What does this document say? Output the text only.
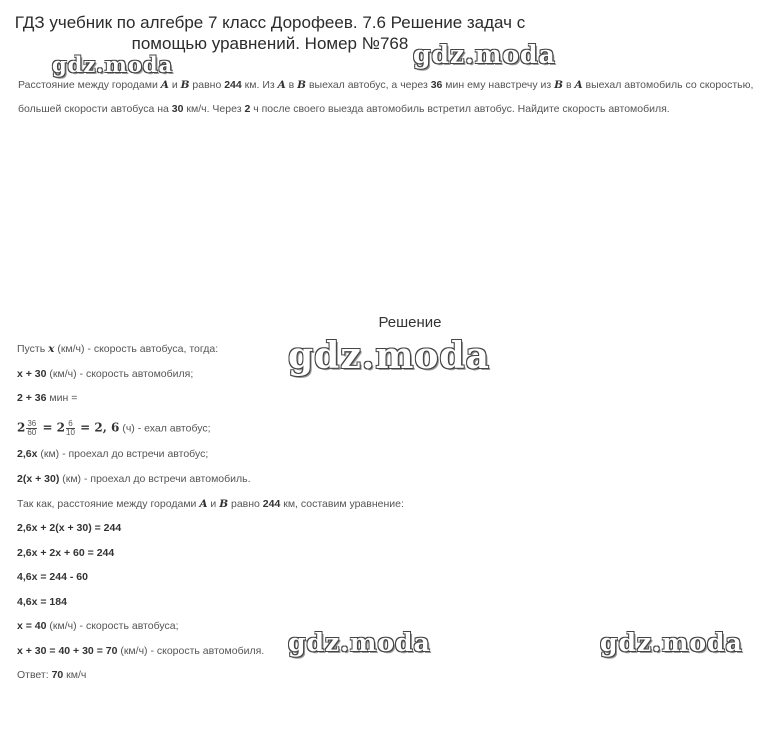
ГДЗ учебник по алгебре 7 класс Дорофеев. 7.6 Решение задач с помощью уравнений. Номер №768
Расстояние между городами A и B равно 244 км. Из A в B выехал автобус, а через 36 мин ему навстречу из B в A выехал автомобиль со скоростью, большей скорости автобуса на 30 км/ч. Через 2 ч после своего выезда автомобиль встретил автобус. Найдите скорость автомобиля.
Решение
Пусть x (км/ч) - скорость автобуса, тогда:
x + 30 (км/ч) - скорость автомобиля;
2 + 36 мин =
$2 \frac{36}{60} = 2 \frac{6}{10} = 2$, 6 (ч) - ехал автобус;
2,6x (км) - проехал до встречи автобус;
2(x + 30) (км) - проехал до встречи автомобиль.
Так как, расстояние между городами A и B равно 244 км, составим уравнение:
2,6x + 2(x + 30) = 244
2,6x + 2x + 60 = 244
4,6x = 244 - 60
4,6x = 184
x = 40 (км/ч) - скорость автобуса;
x + 30 = 40 + 30 = 70 (км/ч) - скорость автомобиля.
Ответ: 70 км/ч
gdz.moda	gdz.moda
gdz.moda
gdz.moda	gdz.moda
